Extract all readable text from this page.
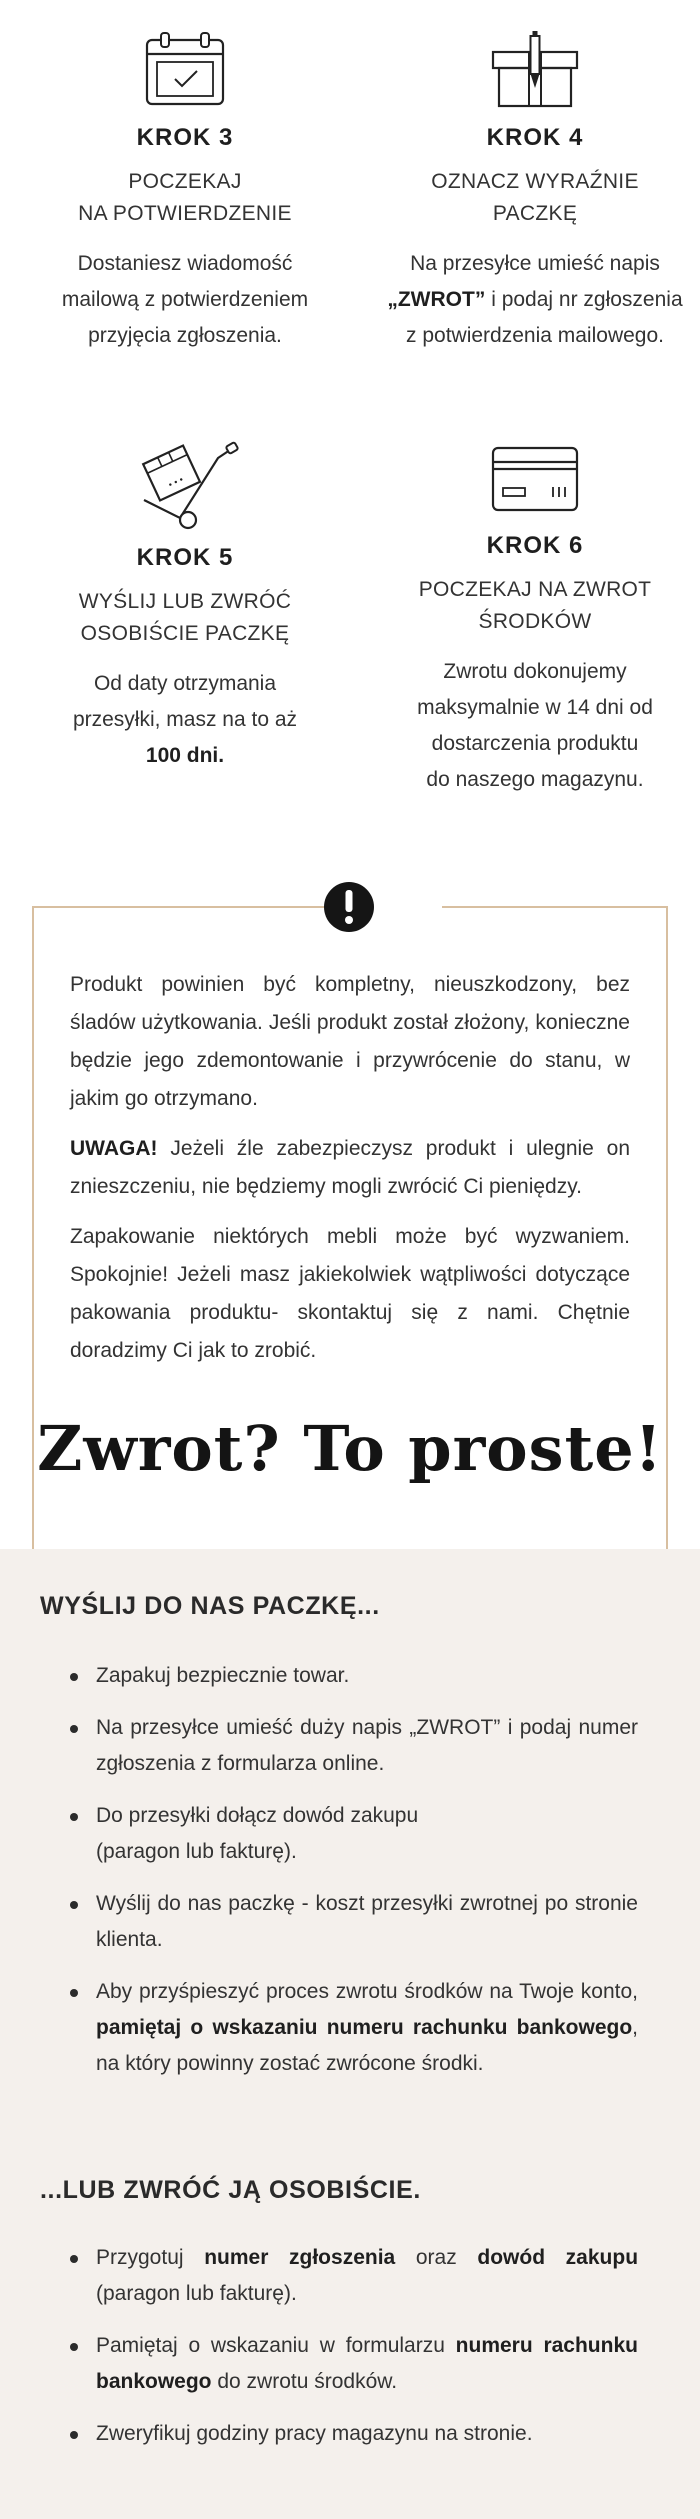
KROK 3
POCZEKAJ
NA POTWIERDZENIE
Dostaniesz wiadomość
mailową z potwierdzeniem
przyjęcia zgłoszenia.
KROK 4
OZNACZ WYRAŹNIE
PACZKĘ
Na przesyłce umieść napis
„ZWROT” i podaj nr zgłoszenia
z potwierdzenia mailowego.
KROK 5
WYŚLIJ LUB ZWRÓĆ
OSOBIŚCIE PACZKĘ
Od daty otrzymania
przesyłki, masz na to aż
100 dni.
KROK 6
POCZEKAJ NA ZWROT
ŚRODKÓW
Zwrotu dokonujemy
maksymalnie w 14 dni od
dostarczenia produktu
do naszego magazynu.

Produkt powinien być kompletny, nieuszkodzony, bez śladów użytkowania. Jeśli produkt został złożony, konieczne będzie jego zdemontowanie i przywrócenie do stanu, w jakim go otrzymano.

UWAGA! Jeżeli źle zabezpieczysz produkt i ulegnie on znieszczeniu, nie będziemy mogli zwrócić Ci pieniędzy.

Zapakowanie niektórych mebli może być wyzwaniem. Spokojnie! Jeżeli masz jakiekolwiek wątpliwości dotyczące pakowania produktu- skontaktuj się z nami. Chętnie doradzimy Ci jak to zrobić.

Zwrot? To proste!
WYŚLIJ DO NAS PACZKĘ...
Zapakuj bezpiecznie towar.
Na przesyłce umieść duży napis „ZWROT” i podaj numer zgłoszenia z formularza online.
Do przesyłki dołącz dowód zakupu
(paragon lub fakturę).
Wyślij do nas paczkę - koszt przesyłki zwrotnej po stronie klienta.
Aby przyśpieszyć proces zwrotu środków na Twoje konto, pamiętaj o wskazaniu numeru rachunku bankowego, na który powinny zostać zwrócone środki.
...LUB ZWRÓĆ JĄ OSOBIŚCIE.
Przygotuj numer zgłoszenia oraz dowód zakupu (paragon lub fakturę).
Pamiętaj o wskazaniu w formularzu numeru rachunku bankowego do zwrotu środków.
Zweryfikuj godziny pracy magazynu na stronie.
